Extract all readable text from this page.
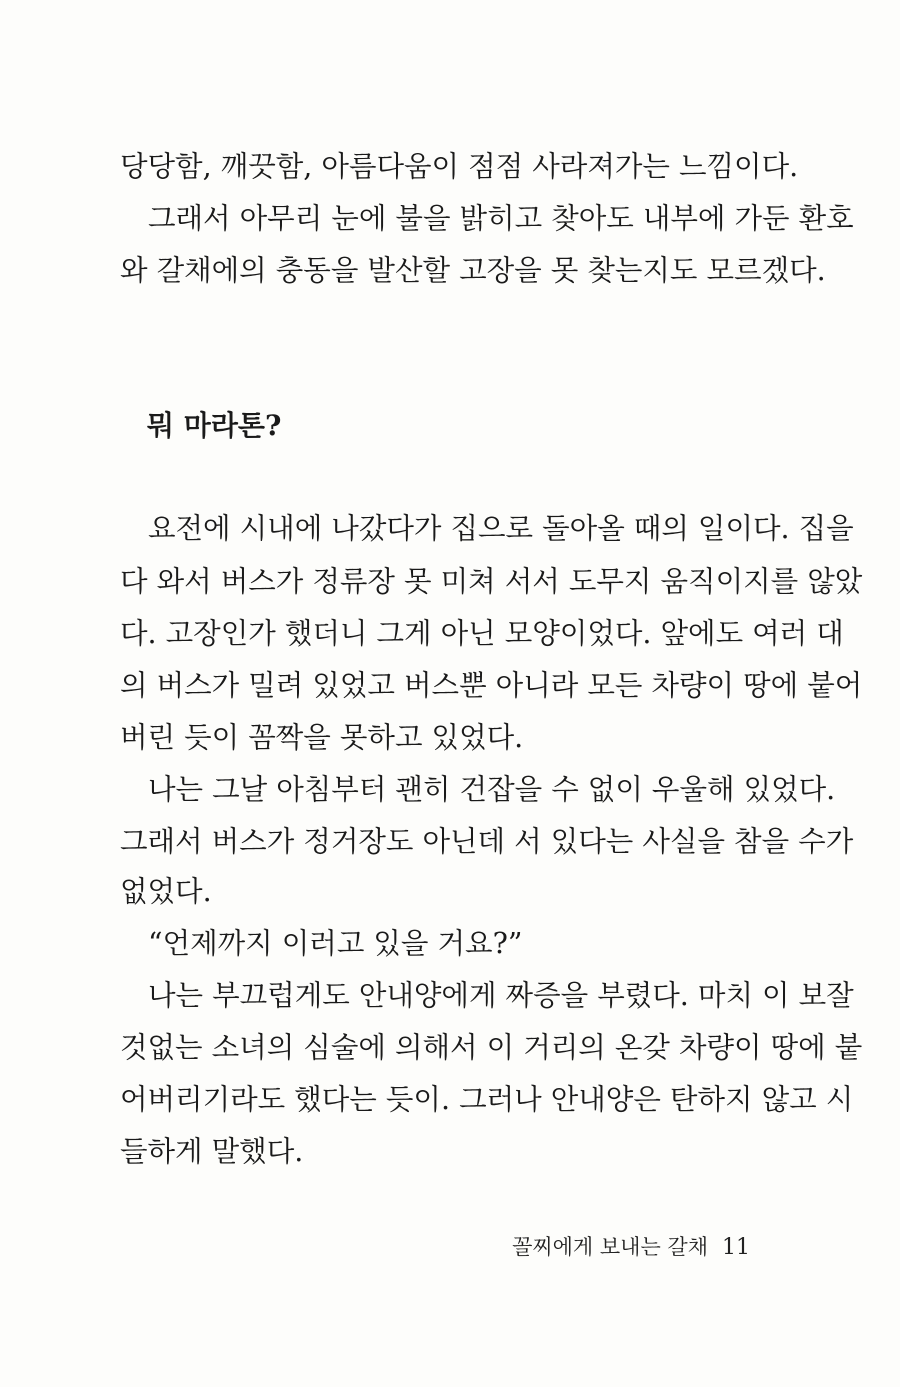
당당함, 깨끗함, 아름다움이 점점 사라져가는 느낌이다.
그래서 아무리 눈에 불을 밝히고 찾아도 내부에 가둔 환호
와 갈채에의 충동을 발산할 고장을 못 찾는지도 모르겠다.
뭐 마라톤?
요전에 시내에 나갔다가 집으로 돌아올 때의 일이다. 집을
다 와서 버스가 정류장 못 미쳐 서서 도무지 움직이지를 않았
다. 고장인가 했더니 그게 아닌 모양이었다. 앞에도 여러 대
의 버스가 밀려 있었고 버스뿐 아니라 모든 차량이 땅에 붙어
버린 듯이 꼼짝을 못하고 있었다.
나는 그날 아침부터 괜히 건잡을 수 없이 우울해 있었다.
그래서 버스가 정거장도 아닌데 서 있다는 사실을 참을 수가
없었다.
“언제까지 이러고 있을 거요?”
나는 부끄럽게도 안내양에게 짜증을 부렸다. 마치 이 보잘
것없는 소녀의 심술에 의해서 이 거리의 온갖 차량이 땅에 붙
어버리기라도 했다는 듯이. 그러나 안내양은 탄하지 않고 시
들하게 말했다.
꼴찌에게 보내는 갈채 11
